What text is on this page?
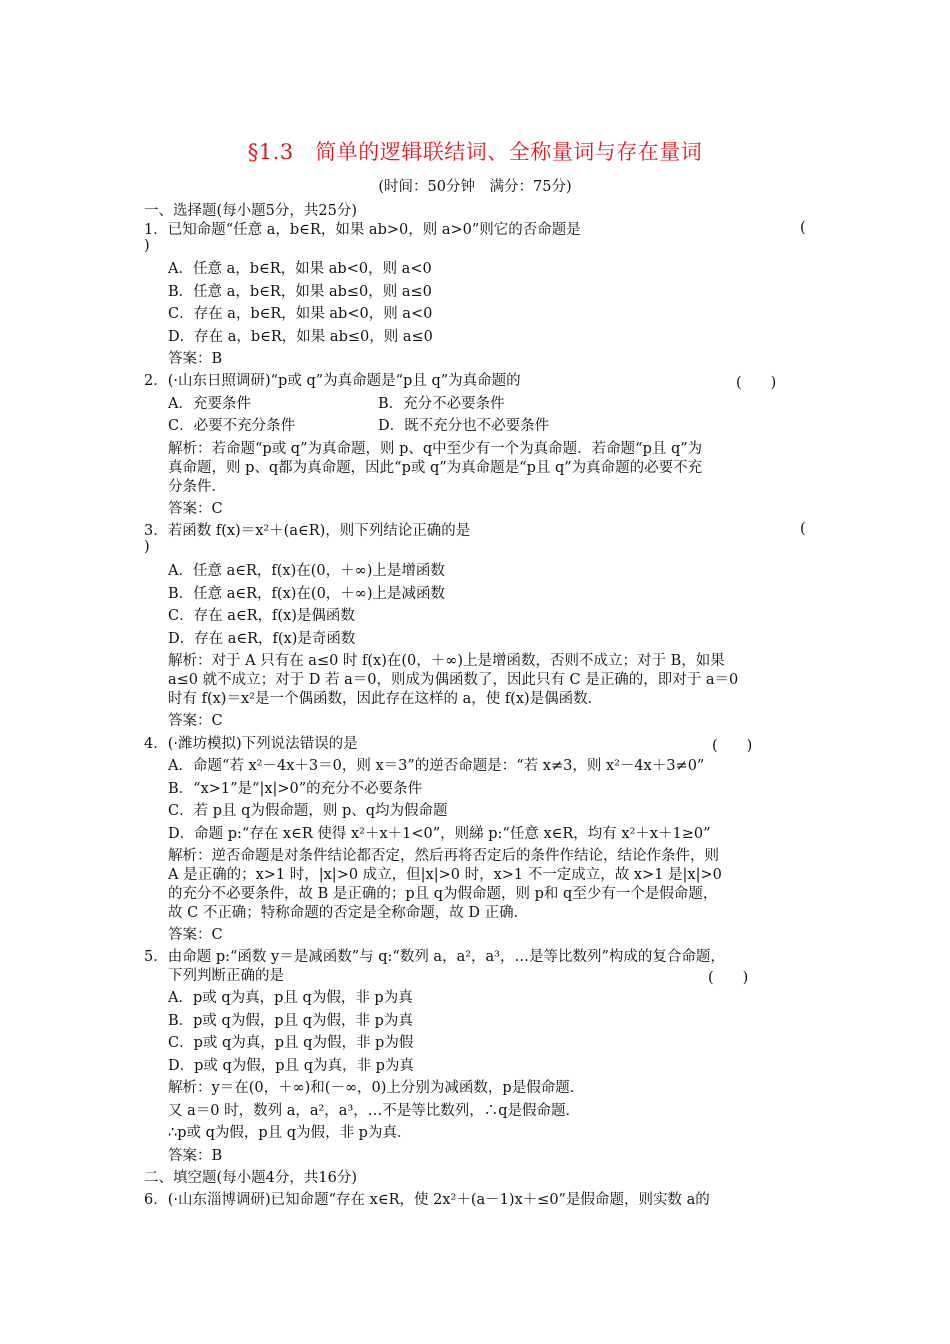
§1.3　简单的逻辑联结词、全称量词与存在量词
(时间：50分钟　满分：75分)
一、选择题(每小题5分，共25分)
1．已知命题“任意 a，b∈R，如果 ab>0，则 a>0”则它的否命题是	(
)
A．任意 a，b∈R，如果 ab<0，则 a<0
B．任意 a，b∈R，如果 ab≤0，则 a≤0
C．存在 a，b∈R，如果 ab<0，则 a<0
D．存在 a，b∈R，如果 ab≤0，则 a≤0
答案：B
2．(·山东日照调研)“p或 q”为真命题是“p且 q”为真命题的	(　　)
A．充要条件	B．充分不必要条件
C．必要不充分条件	D．既不充分也不必要条件
解析：若命题“p或 q”为真命题，则 p、q中至少有一个为真命题．若命题“p且 q”为
真命题，则 p、q都为真命题，因此“p或 q”为真命题是“p且 q”为真命题的必要不充
分条件．
答案：C
3．若函数 f(x)＝x²＋(a∈R)，则下列结论正确的是	(
)
A．任意 a∈R，f(x)在(0，＋∞)上是增函数
B．任意 a∈R，f(x)在(0，＋∞)上是减函数
C．存在 a∈R，f(x)是偶函数
D．存在 a∈R，f(x)是奇函数
解析：对于 A 只有在 a≤0 时 f(x)在(0，＋∞)上是增函数，否则不成立；对于 B，如果
a≤0 就不成立；对于 D 若 a＝0，则成为偶函数了，因此只有 C 是正确的，即对于 a＝0
时有 f(x)＝x²是一个偶函数，因此存在这样的 a，使 f(x)是偶函数．
答案：C
4．(·潍坊模拟)下列说法错误的是	(　　)
A．命题“若 x²－4x＋3＝0，则 x＝3”的逆否命题是：“若 x≠3，则 x²－4x＋3≠0”
B．“x>1”是“|x|>0”的充分不必要条件
C．若 p且 q为假命题，则 p、q均为假命题
D．命题 p:“存在 x∈R 使得 x²＋x＋1<0”，则綈 p:“任意 x∈R，均有 x²＋x＋1≥0”
解析：逆否命题是对条件结论都否定，然后再将否定后的条件作结论，结论作条件，则
A 是正确的；x>1 时，|x|>0 成立，但|x|>0 时，x>1 不一定成立，故 x>1 是|x|>0
的充分不必要条件，故 B 是正确的；p且 q为假命题，则 p和 q至少有一个是假命题，
故 C 不正确；特称命题的否定是全称命题，故 D 正确．
答案：C
5．由命题 p:“函数 y＝是减函数”与 q:“数列 a，a²，a³，…是等比数列”构成的复合命题，
下列判断正确的是	(　　)
A．p或 q为真，p且 q为假，非 p为真
B．p或 q为假，p且 q为假，非 p为真
C．p或 q为真，p且 q为假，非 p为假
D．p或 q为假，p且 q为真，非 p为真
解析：y＝在(0，＋∞)和(－∞，0)上分别为减函数，p是假命题．
又 a＝0 时，数列 a，a²，a³，…不是等比数列，∴q是假命题．
∴p或 q为假，p且 q为假，非 p为真．
答案：B
二、填空题(每小题4分，共16分)
6．(·山东淄博调研)已知命题“存在 x∈R，使 2x²＋(a－1)x＋≤0”是假命题，则实数 a的
